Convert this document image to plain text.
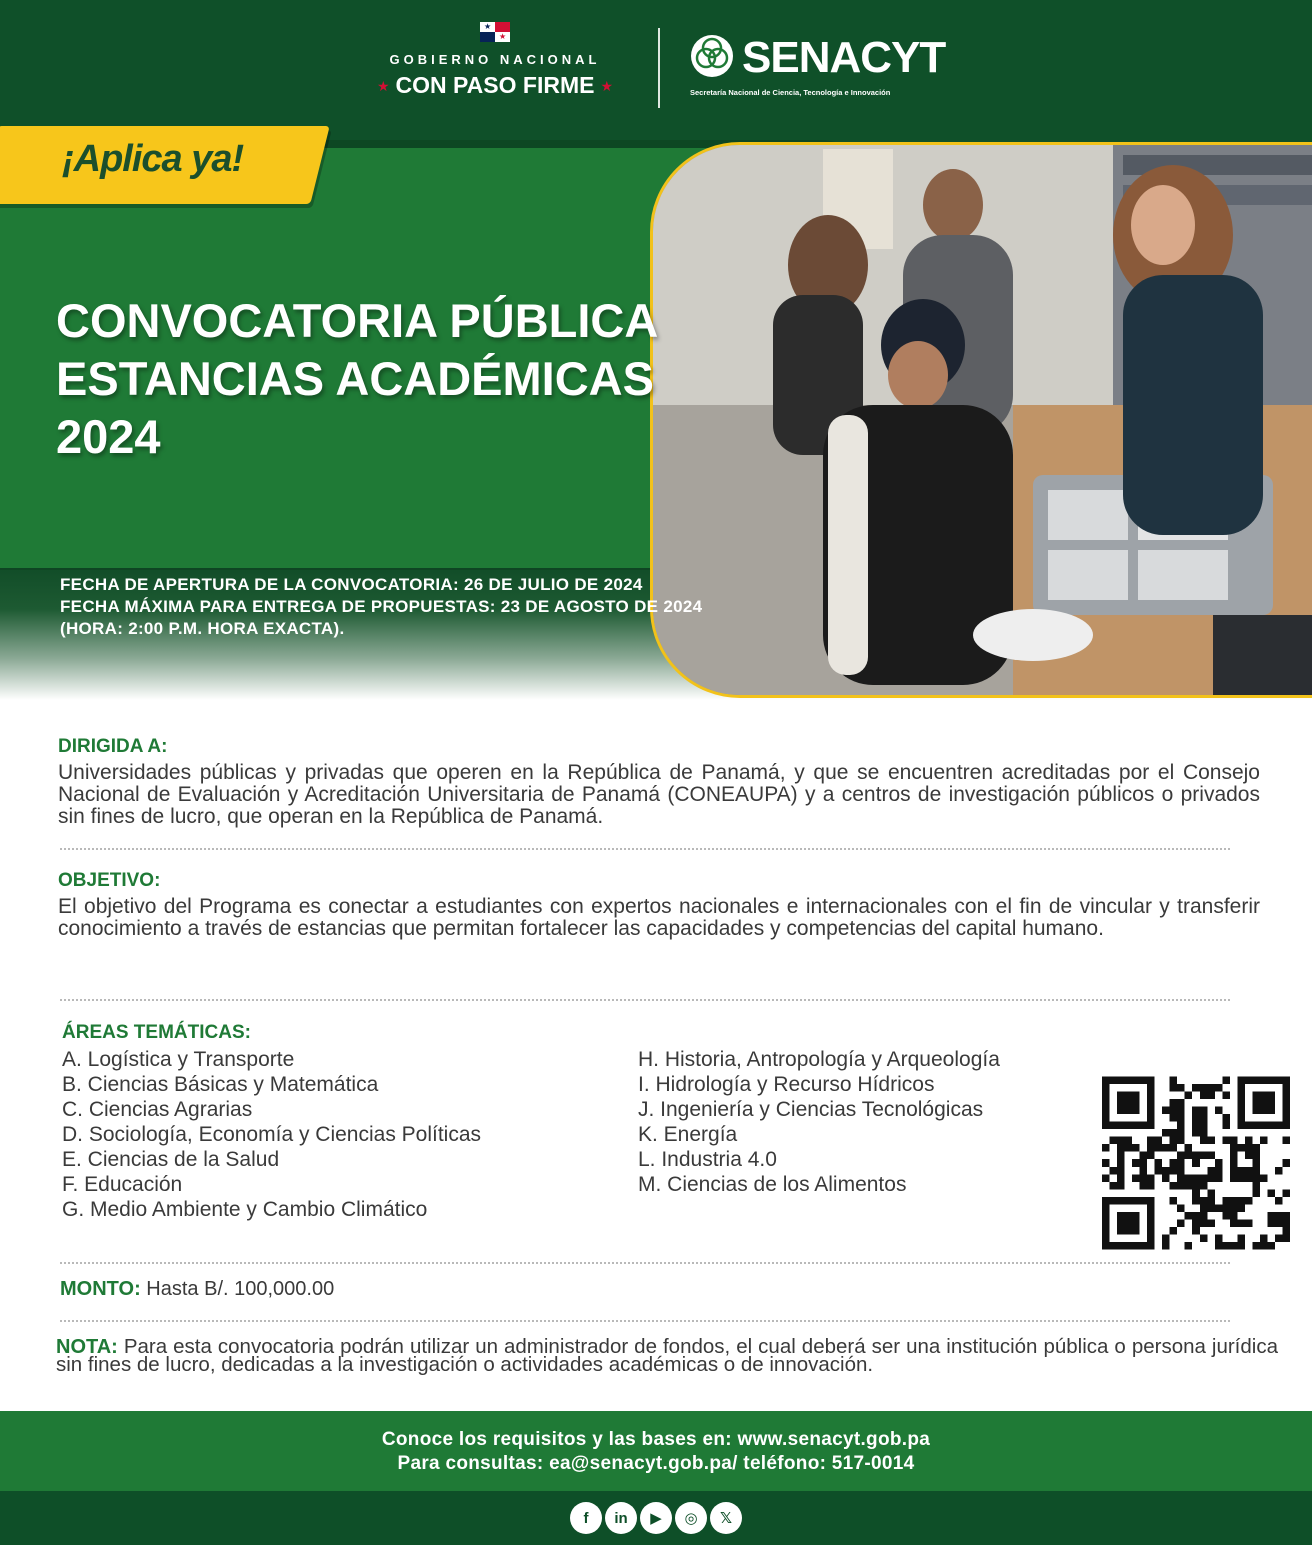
★
★
GOBIERNO NACIONAL
★ CON PASO FIRME ★
SENACYT
Secretaría Nacional de Ciencia, Tecnología e Innovación
¡Aplica ya!
CONVOCATORIA PÚBLICA
ESTANCIAS ACADÉMICAS
2024
FECHA DE APERTURA DE LA CONVOCATORIA: 26 DE JULIO DE 2024
FECHA MÁXIMA PARA ENTREGA DE PROPUESTAS: 23 DE AGOSTO DE 2024
(HORA: 2:00 P.M. HORA EXACTA).
DIRIGIDA A:

Universidades públicas y privadas que operen en la República de Panamá, y que se encuentren acreditadas por el Consejo Nacional de Evaluación y Acreditación Universitaria de Panamá (CONEAUPA) y a centros de investigación públicos o privados sin fines de lucro, que operan en la República de Panamá.

OBJETIVO:

El objetivo del Programa es conectar a estudiantes con expertos nacionales e internacionales con el fin de vincular y transferir conocimiento a través de estancias que permitan fortalecer las capacidades y competencias del capital humano.

ÁREAS TEMÁTICAS:
A. Logística y Transporte
B. Ciencias Básicas y Matemática
C. Ciencias Agrarias
D. Sociología, Economía y Ciencias Políticas
E. Ciencias de la Salud
F. Educación
G. Medio Ambiente y Cambio Climático
H. Historia, Antropología y Arqueología
I. Hidrología y Recurso Hídricos
J. Ingeniería y Ciencias Tecnológicas
K. Energía
L. Industria 4.0
M. Ciencias de los Alimentos
MONTO: Hasta B/. 100,000.00
NOTA: Para esta convocatoria podrán utilizar un administrador de fondos, el cual deberá ser una institución pública o persona jurídica sin fines de lucro, dedicadas a la investigación o actividades académicas o de innovación.
Conoce los requisitos y las bases en: www.senacyt.gob.pa
Para consultas: ea@senacyt.gob.pa/ teléfono: 517-0014
f	in	▶	◎	𝕏
